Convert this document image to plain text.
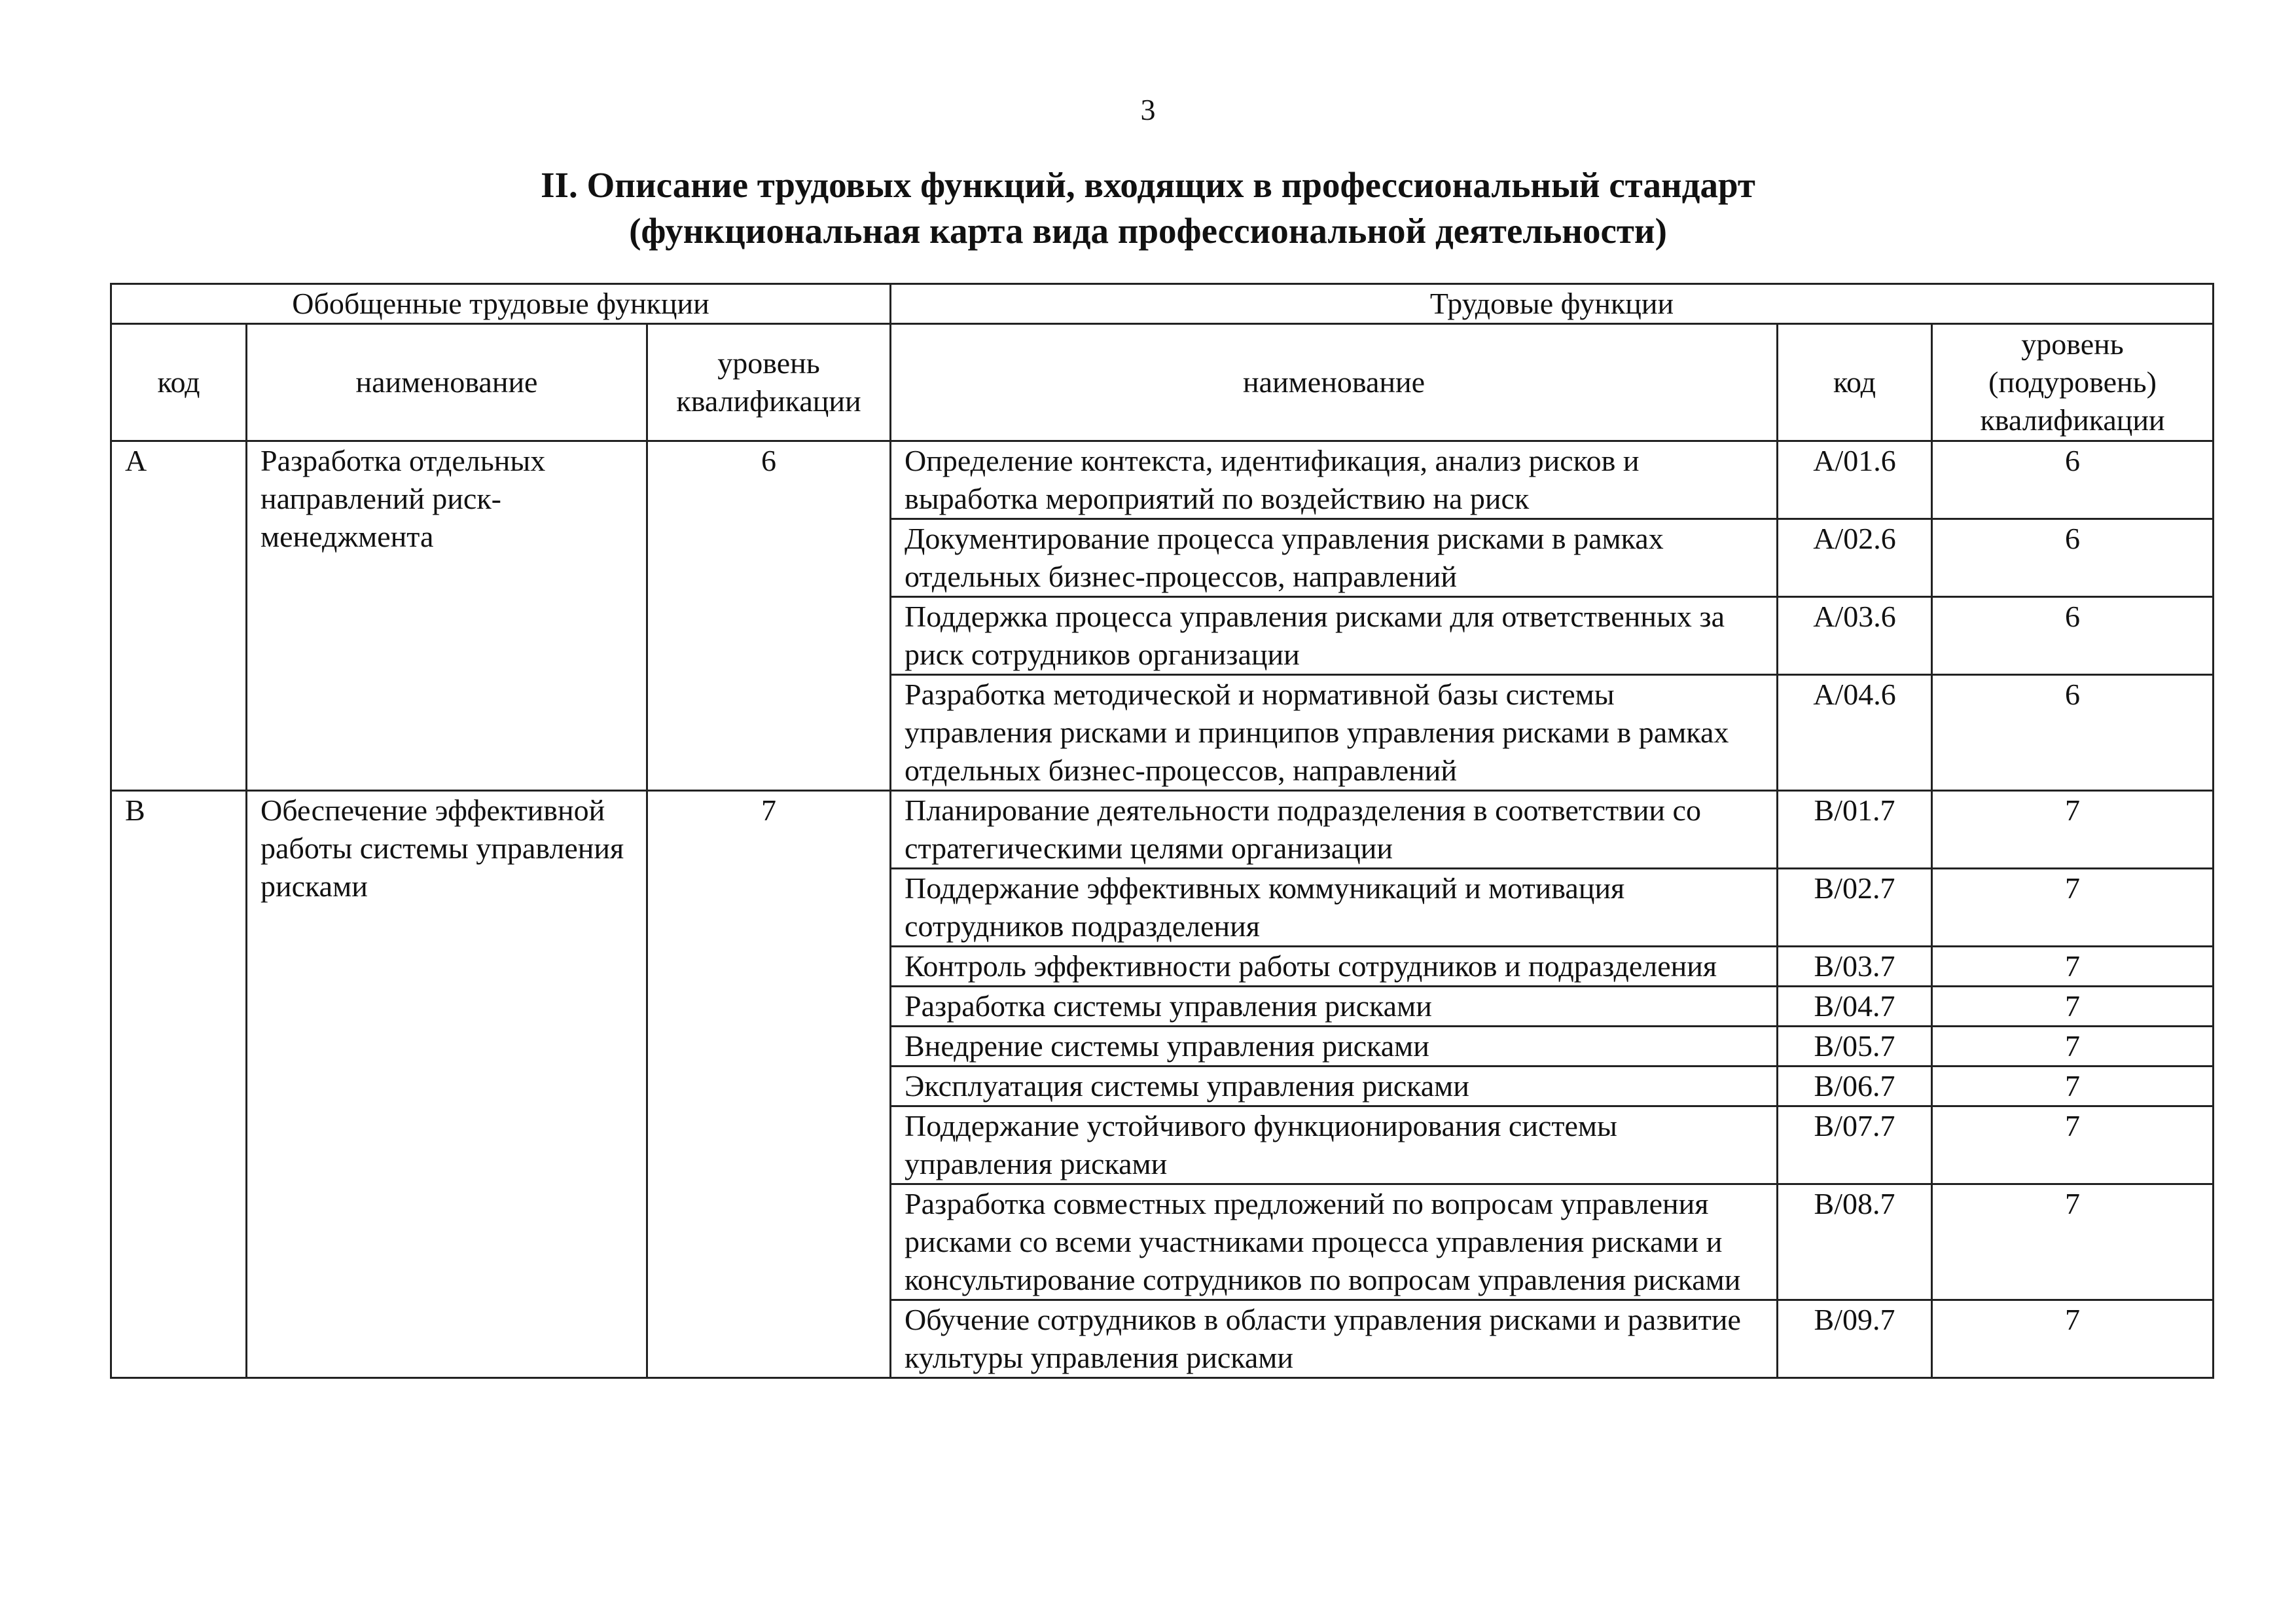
3
II. Описание трудовых функций, входящих в профессиональный стандарт
(функциональная карта вида профессиональной деятельности)
Обобщенные трудовые функции			Трудовые функции		
код	наименование	уровень квалификации	наименование	код	уровень (подуровень) квалификации
A	Разработка отдельных направлений риск-менеджмента	6	Определение контекста, идентификация, анализ рисков и выработка мероприятий по воздействию на риск	A/01.6	6
			Документирование процесса управления рисками в рамках отдельных бизнес-процессов, направлений	A/02.6	6
			Поддержка процесса управления рисками для ответственных за риск сотрудников организации	A/03.6	6
			Разработка методической и нормативной базы системы управления рисками и принципов управления рисками в рамках отдельных бизнес-процессов, направлений	A/04.6	6
B	Обеспечение эффективной работы системы управления рисками	7	Планирование деятельности подразделения в соответствии со стратегическими целями организации	B/01.7	7
			Поддержание эффективных коммуникаций и мотивация сотрудников подразделения	B/02.7	7
			Контроль эффективности работы сотрудников и подразделения	B/03.7	7
			Разработка системы управления рисками	B/04.7	7
			Внедрение системы управления рисками	B/05.7	7
			Эксплуатация системы управления рисками	B/06.7	7
			Поддержание устойчивого функционирования системы управления рисками	B/07.7	7
			Разработка совместных предложений по вопросам управления рисками со всеми участниками процесса управления рисками и консультирование сотрудников по вопросам управления рисками	B/08.7	7
			Обучение сотрудников в области управления рисками и развитие культуры управления рисками	B/09.7	7
